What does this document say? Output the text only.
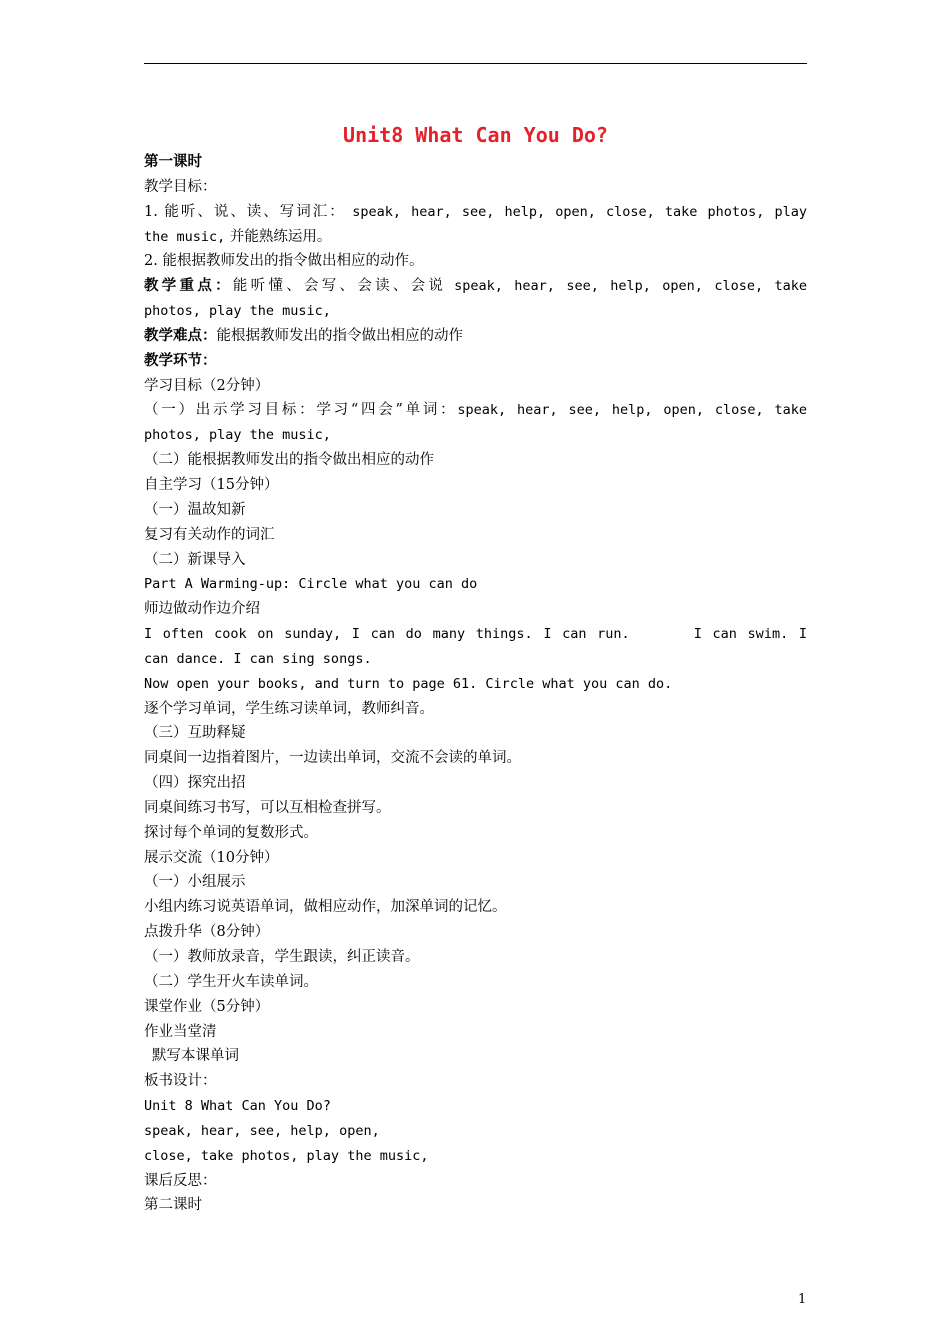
Unit8 What Can You Do?
第一课时
教学目标：
1. 能听、说、读、写词汇： speak, hear, see, help, open, close, take photos, play
the music, 并能熟练运用。
2. 能根据教师发出的指令做出相应的动作。
教学重点：能听懂、会写、会读、会说 speak, hear, see, help, open, close, take
photos, play the music,
教学难点：能根据教师发出的指令做出相应的动作
教学环节：
学习目标（2分钟）
（一）出示学习目标：学习“四会”单词：speak, hear, see, help, open, close, take
photos, play the music,
（二）能根据教师发出的指令做出相应的动作
自主学习（15分钟）
（一）温故知新
复习有关动作的词汇
（二）新课导入
Part A Warming-up: Circle what you can do
师边做动作边介绍
I often cook on sunday, I can do many things. I can run.	I can swim. I
can dance. I can sing songs.
Now open your books, and turn to page 61. Circle what you can do.
逐个学习单词，学生练习读单词，教师纠音。
（三）互助释疑
同桌间一边指着图片，一边读出单词，交流不会读的单词。
（四）探究出招
同桌间练习书写，可以互相检查拼写。
探讨每个单词的复数形式。
展示交流（10分钟）
（一）小组展示
小组内练习说英语单词，做相应动作，加深单词的记忆。
点拨升华（8分钟）
（一）教师放录音，学生跟读，纠正读音。
（二）学生开火车读单词。
课堂作业（5分钟）
作业当堂清
默写本课单词
板书设计：
Unit 8 What Can You Do?
speak, hear, see, help, open,
close, take photos, play the music,
课后反思：
第二课时
1
